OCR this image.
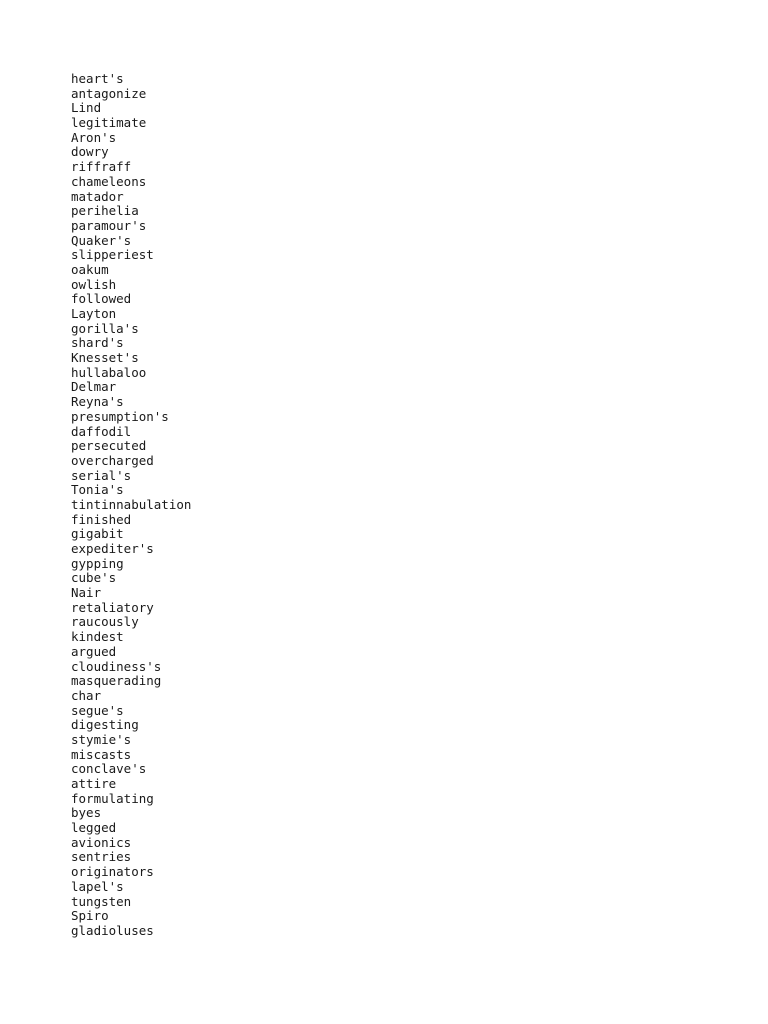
heart's
antagonize
Lind
legitimate
Aron's
dowry
riffraff
chameleons
matador
perihelia
paramour's
Quaker's
slipperiest
oakum
owlish
followed
Layton
gorilla's
shard's
Knesset's
hullabaloo
Delmar
Reyna's
presumption's
daffodil
persecuted
overcharged
serial's
Tonia's
tintinnabulation
finished
gigabit
expediter's
gypping
cube's
Nair
retaliatory
raucously
kindest
argued
cloudiness's
masquerading
char
segue's
digesting
stymie's
miscasts
conclave's
attire
formulating
byes
legged
avionics
sentries
originators
lapel's
tungsten
Spiro
gladioluses
